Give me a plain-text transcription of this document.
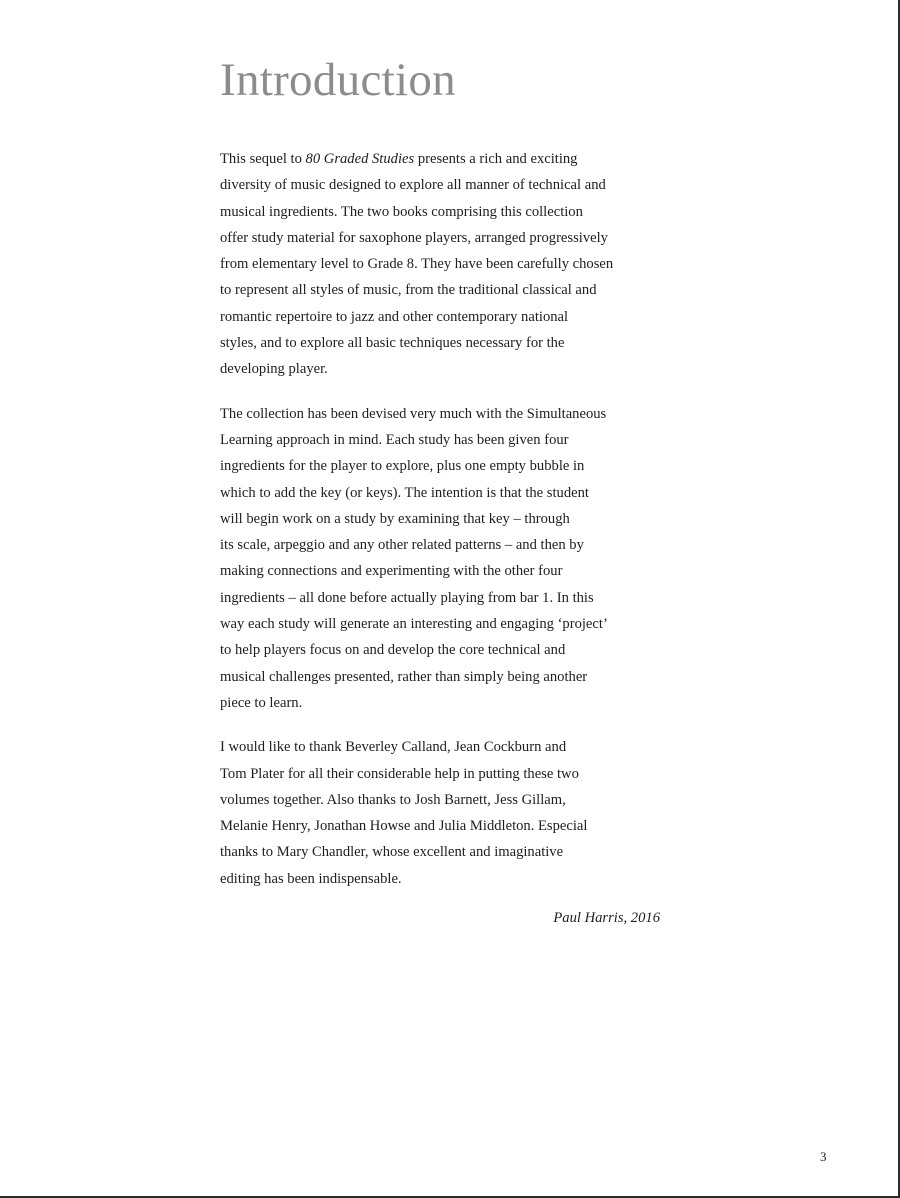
Introduction

This sequel to 80 Graded Studies presents a rich and exciting
diversity of music designed to explore all manner of technical and
musical ingredients. The two books comprising this collection
offer study material for saxophone players, arranged progressively
from elementary level to Grade 8. They have been carefully chosen
to represent all styles of music, from the traditional classical and
romantic repertoire to jazz and other contemporary national
styles, and to explore all basic techniques necessary for the
developing player.

The collection has been devised very much with the Simultaneous
Learning approach in mind. Each study has been given four
ingredients for the player to explore, plus one empty bubble in
which to add the key (or keys). The intention is that the student
will begin work on a study by examining that key – through
its scale, arpeggio and any other related patterns – and then by
making connections and experimenting with the other four
ingredients – all done before actually playing from bar 1. In this
way each study will generate an interesting and engaging ‘project’
to help players focus on and develop the core technical and
musical challenges presented, rather than simply being another
piece to learn.

I would like to thank Beverley Calland, Jean Cockburn and
Tom Plater for all their considerable help in putting these two
volumes together. Also thanks to Josh Barnett, Jess Gillam,
Melanie Henry, Jonathan Howse and Julia Middleton. Especial
thanks to Mary Chandler, whose excellent and imaginative
editing has been indispensable.

Paul Harris, 2016
3
